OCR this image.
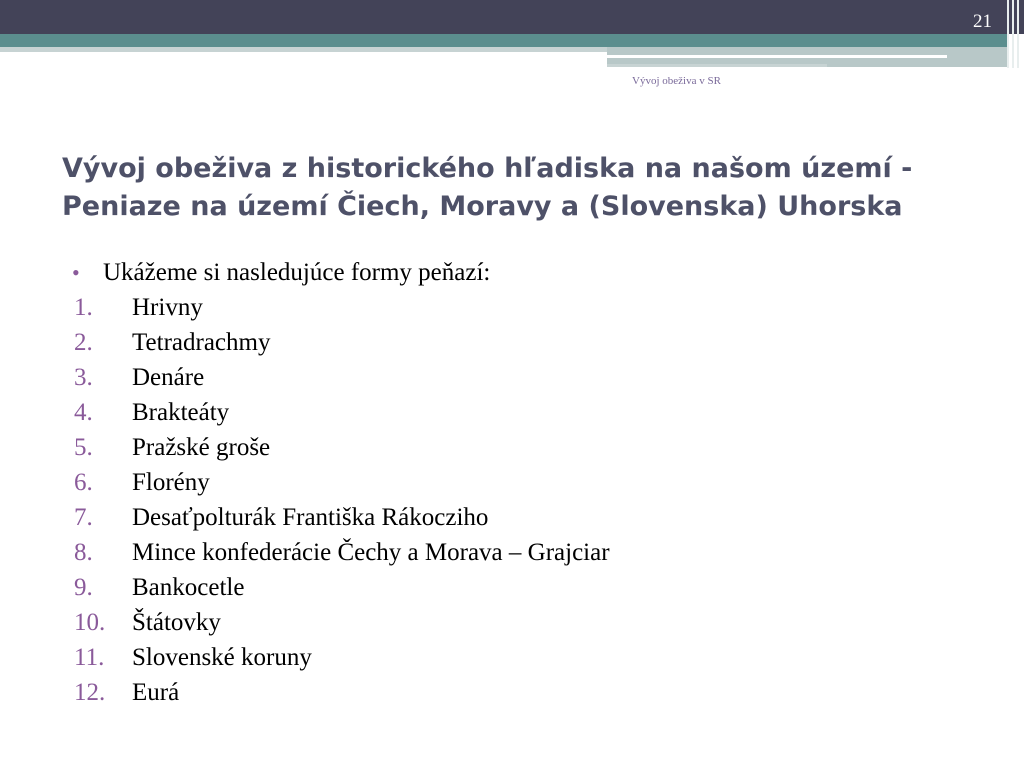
21
Vývoj obeživa v SR
Vývoj obeživa z historického hľadiska na našom území -
Peniaze na území Čiech, Moravy a (Slovenska) Uhorska
• Ukážeme si nasledujúce formy peňazí:
1. Hrivny
2. Tetradrachmy
3. Denáre
4. Brakteáty
5. Pražské groše
6. Florény
7. Desaťpolturák Františka Rákocziho
8. Mince konfederácie Čechy a Morava – Grajciar
9. Bankocetle
10. Štátovky
11. Slovenské koruny
12. Eurá
